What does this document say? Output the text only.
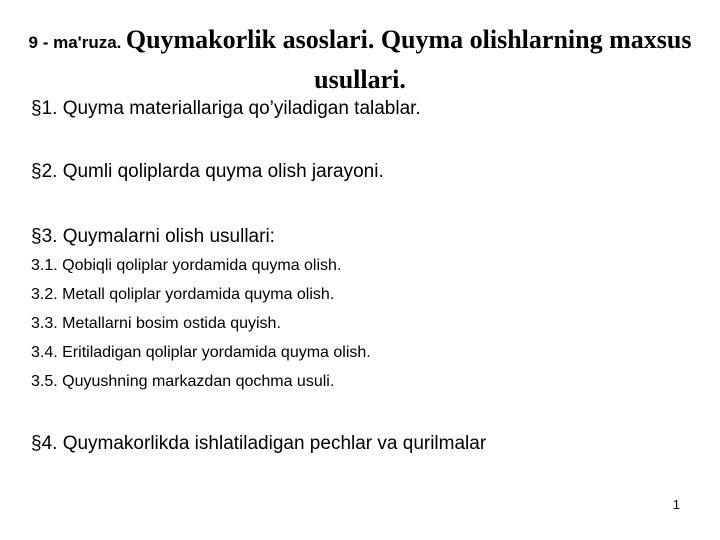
9 - ma'ruza. Quymakorlik asoslari. Quyma olishlarning maxsus usullari.
§1. Quyma materiallariga qo’yiladigan talablar.
§2. Qumli qoliplarda quyma olish jarayoni.
§3. Quymalarni olish usullari:
3.1. Qobiqli qoliplar yordamida quyma olish.
3.2. Metall qoliplar yordamida quyma olish.
3.3. Metallarni bosim ostida quyish.
3.4. Eritiladigan qoliplar yordamida quyma olish.
3.5. Quyushning markazdan qochma usuli.
§4. Quymakorlikda ishlatiladigan pechlar va qurilmalar
1
